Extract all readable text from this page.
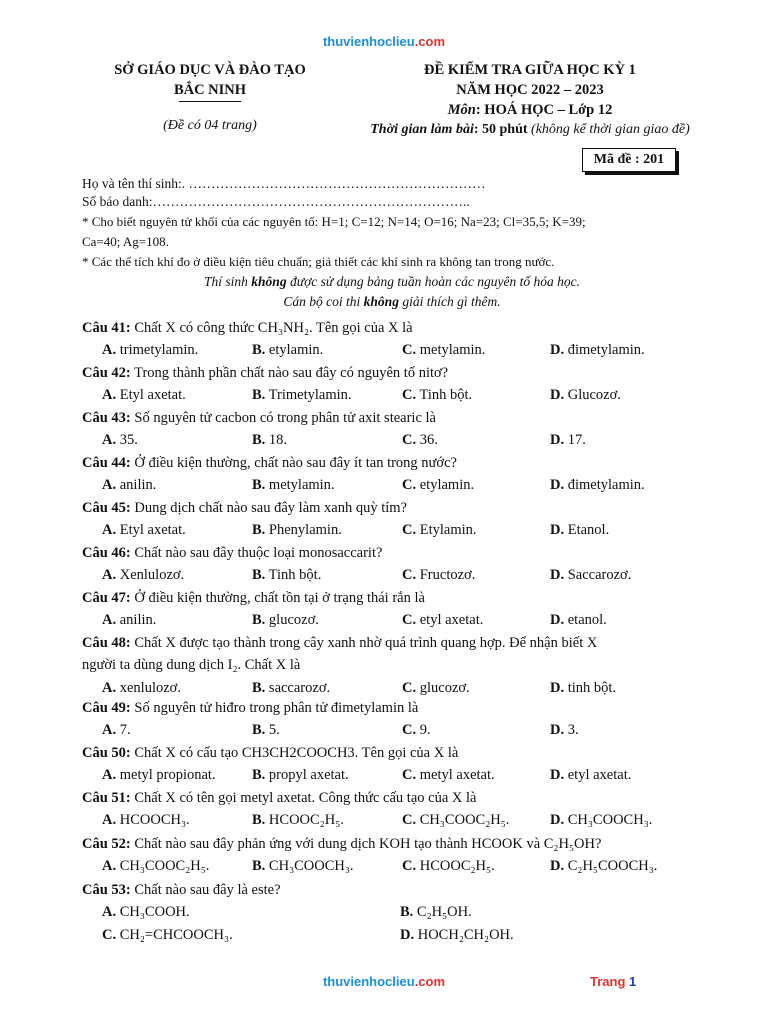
thuvienhoclieu.com
SỞ GIÁO DỤC VÀ ĐÀO TẠO
BẮC NINH
(Đề có 04 trang)
ĐỀ KIỂM TRA GIỮA HỌC KỲ 1
NĂM HỌC 2022 – 2023
Môn: HOÁ HỌC – Lớp 12
Thời gian làm bài: 50 phút (không kể thời gian giao đề)
Mã đề : 201
Họ và tên thí sinh:. …………………………………………………………
Số báo danh:……………………………………………………………..
* Cho biết nguyên tử khối của các nguyên tố: H=1; C=12; N=14; O=16; Na=23; Cl=35,5; K=39;
Ca=40; Ag=108.
* Các thể tích khí đo ở điều kiện tiêu chuẩn; giả thiết các khí sinh ra không tan trong nước.
Thí sinh không được sử dụng bảng tuần hoàn các nguyên tố hóa học.
Cán bộ coi thi không giải thích gì thêm.
Câu 41: Chất X có công thức CH₃NH₂. Tên gọi của X là
A. trimetylamin.	B. etylamin.	C. metylamin.	D. đimetylamin.
Câu 42: Trong thành phần chất nào sau đây có nguyên tố nitơ?
A. Etyl axetat.	B. Trimetylamin.	C. Tinh bột.	D. Glucozơ.
Câu 43: Số nguyên tử cacbon có trong phân tử axit stearic là
A. 35.	B. 18.	C. 36.	D. 17.
Câu 44: Ở điều kiện thường, chất nào sau đây ít tan trong nước?
A. anilin.	B. metylamin.	C. etylamin.	D. đimetylamin.
Câu 45: Dung dịch chất nào sau đây làm xanh quỳ tím?
A. Etyl axetat.	B. Phenylamin.	C. Etylamin.	D. Etanol.
Câu 46: Chất nào sau đây thuộc loại monosaccarit?
A. Xenlulozơ.	B. Tinh bột.	C. Fructozơ.	D. Saccarozơ.
Câu 47: Ở điều kiện thường, chất tồn tại ở trạng thái rắn là
A. anilin.	B. glucozơ.	C. etyl axetat.	D. etanol.
Câu 48: Chất X được tạo thành trong cây xanh nhờ quá trình quang hợp. Để nhận biết X
người ta dùng dung dịch I₂. Chất X là
A. xenlulozơ.	B. saccarozơ.	C. glucozơ.	D. tinh bột.
Câu 49: Số nguyên tử hiđro trong phân tử đimetylamin là
A. 7.	B. 5.	C. 9.	D. 3.
Câu 50: Chất X có cấu tạo CH3CH2COOCH3. Tên gọi của X là
A. metyl propionat.	B. propyl axetat.	C. metyl axetat.	D. etyl axetat.
Câu 51: Chất X có tên gọi metyl axetat. Công thức cấu tạo của X là
A. HCOOCH₃.	B. HCOOC₂H₅.	C. CH₃COOC₂H₅.	D. CH₃COOCH₃.
Câu 52: Chất nào sau đây phản ứng với dung dịch KOH tạo thành HCOOK và C₂H₅OH?
A. CH₃COOC₂H₅.	B. CH₃COOCH₃.	C. HCOOC₂H₅.	D. C₂H₅COOCH₃.
Câu 53: Chất nào sau đây là este?
A. CH₃COOH.	B. C₂H₅OH.
C. CH₂=CHCOOCH₃.	D. HOCH₂CH₂OH.
thuvienhoclieu.com	Trang 1
